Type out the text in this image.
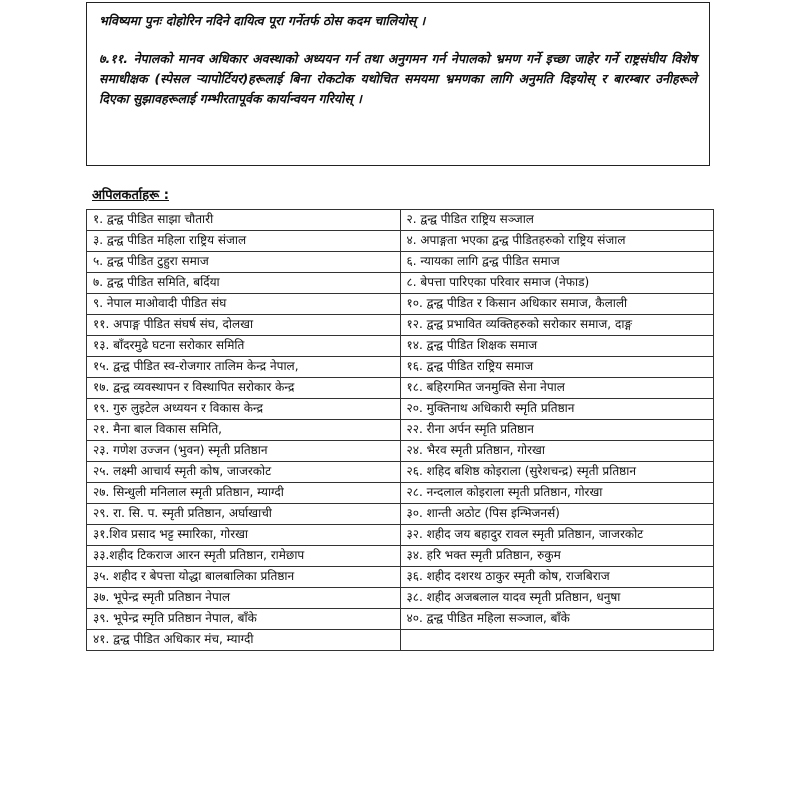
भविष्यमा पुनः दोहोरिन नदिने दायित्व पूरा गर्नेतर्फ ठोस कदम चालियोस् ।

७.११. नेपालको मानव अधिकार अवस्थाको अध्ययन गर्न तथा अनुगमन गर्न नेपालको भ्रमण गर्ने इच्छा जाहेर गर्ने राष्ट्रसंघीय विशेष समाधीक्षक (स्पेसल र्‍यापोर्टियर)हरूलाई बिना रोकटोक यथोचित समयमा भ्रमणका लागि अनुमति दिइयोस् र बारम्बार उनीहरूले दिएका सुझावहरूलाई गम्भीरतापूर्वक कार्यान्वयन गरियोस् ।

अपिलकर्ताहरू :

१. द्वन्द्व पीडित साझा चौतारी	२. द्वन्द्व पीडित राष्ट्रिय सञ्जाल
३. द्वन्द्व पीडित महिला राष्ट्रिय संजाल	४. अपाङ्गता भएका द्वन्द्व पीडितहरुको राष्ट्रिय संजाल
५. द्वन्द्व पीडित टुहुरा समाज	६. न्यायका लागि द्वन्द्व पीडित समाज
७. द्वन्द्व पीडित समिति, बर्दिया	८. बेपत्ता पारिएका परिवार समाज (नेफाड)
९. नेपाल माओवादी पीडित संघ	१०. द्वन्द्व पीडित र किसान अधिकार समाज, कैलाली
११. अपाङ्ग पीडित संघर्ष संघ, दोलखा	१२. द्वन्द्व प्रभावित व्यक्तिहरुको सरोकार समाज, दाङ्ग
१३. बाँदरमुढे घटना सरोकार समिति	१४. द्वन्द्व पीडित शिक्षक समाज
१५. द्वन्द्व पीडित स्व-रोजगार तालिम केन्द्र नेपाल,	१६. द्वन्द्व पीडित राष्ट्रिय समाज
१७. द्वन्द्व व्यवस्थापन र विस्थापित सरोकार केन्द्र	१८. बहिरगमित जनमुक्ति सेना नेपाल
१९. गुरु लुइटेल अध्ययन र विकास केन्द्र	२०. मुक्तिनाथ अधिकारी स्मृति प्रतिष्ठान
२१. मैना बाल विकास समिति,	२२. रीना अर्पन स्मृति प्रतिष्ठान
२३. गणेश उज्जन (भुवन) स्मृती प्रतिष्ठान	२४. भैरव स्मृती प्रतिष्ठान, गोरखा
२५. लक्ष्मी आचार्य स्मृती कोष, जाजरकोट	२६. शहिद बशिष्ठ कोइराला (सुरेशचन्द्र) स्मृती प्रतिष्ठान
२७. सिन्धुली मनिलाल स्मृती प्रतिष्ठान, म्याग्दी	२८. नन्दलाल कोइराला स्मृती प्रतिष्ठान, गोरखा
२९. रा. सि. प. स्मृती प्रतिष्ठान, अर्घाखाची	३०. शान्ती अठोट (पिस इन्भिजनर्स)
३१.शिव प्रसाद भट्ट स्मारिका, गोरखा	३२. शहीद जय बहादुर रावल स्मृती प्रतिष्ठान, जाजरकोट
३३.शहीद टिकराज आरन स्मृती प्रतिष्ठान, रामेछाप	३४. हरि भक्त स्मृती प्रतिष्ठान, रुकुम
३५. शहीद र बेपत्ता योद्धा बालबालिका प्रतिष्ठान	३६. शहीद दशरथ ठाकुर स्मृती कोष, राजबिराज
३७. भूपेन्द्र स्मृती प्रतिष्ठान नेपाल	३८. शहीद अजबलाल यादव स्मृती प्रतिष्ठान, धनुषा
३९. भूपेन्द्र स्मृति प्रतिष्ठान नेपाल, बाँके	४०. द्वन्द्व पीडित महिला सञ्जाल, बाँके
४१. द्वन्द्व पीडित अधिकार मंच, म्याग्दी	
